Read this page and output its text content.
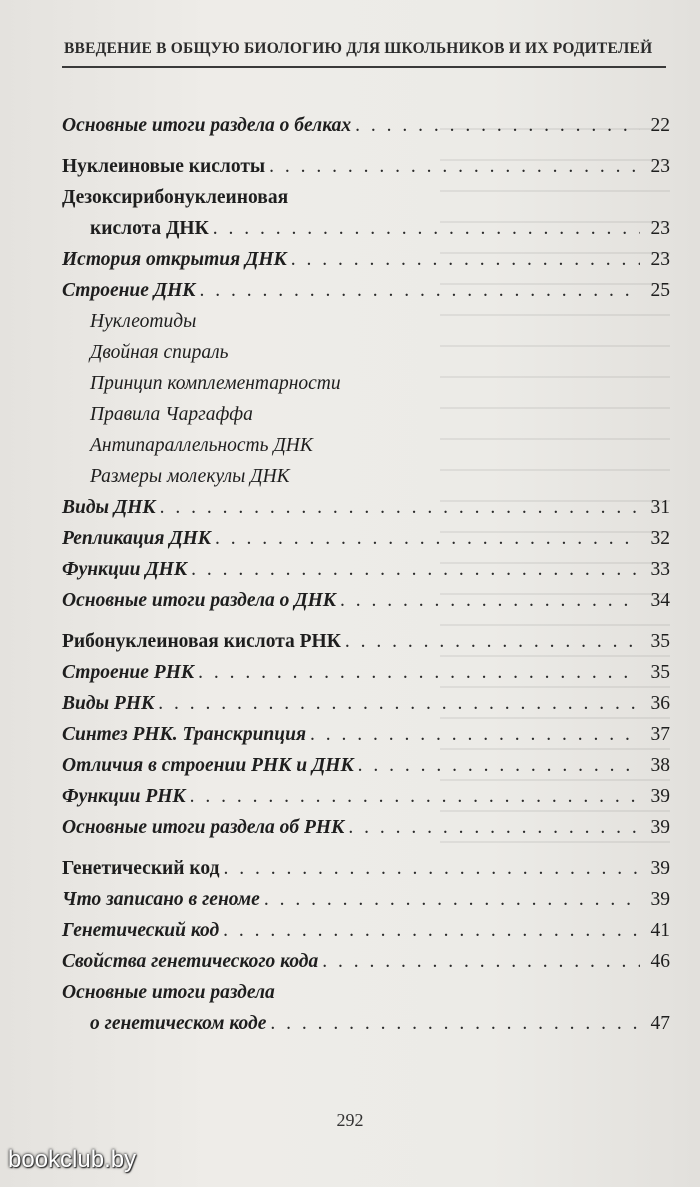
ВВЕДЕНИЕ В ОБЩУЮ БИОЛОГИЮ ДЛЯ ШКОЛЬНИКОВ И ИХ РОДИТЕЛЕЙ
Основные итоги раздела о белках . . .	22
Нуклеиновые кислоты . . .	23
Дезоксирибонуклеиновая
кислота ДНК . . .	23
История открытия ДНК . . .	23
Строение ДНК . . .	25
Нуклеотиды
Двойная спираль
Принцип комплементарности
Правила Чаргаффа
Антипараллельность ДНК
Размеры молекулы ДНК
Виды ДНК . . .	31
Репликация ДНК . . .	32
Функции ДНК . . .	33
Основные итоги раздела о ДНК . . .	34
Рибонуклеиновая кислота РНК . . .	35
Строение РНК . . .	35
Виды РНК . . .	36
Синтез РНК. Транскрипция . . .	37
Отличия в строении РНК и ДНК . . .	38
Функции РНК . . .	39
Основные итоги раздела об РНК . . .	39
Генетический код . . .	39
Что записано в геноме . . .	39
Генетический код . . .	41
Свойства генетического кода . . .	46
Основные итоги раздела
о генетическом коде . . .	47
292
bookclub.by
